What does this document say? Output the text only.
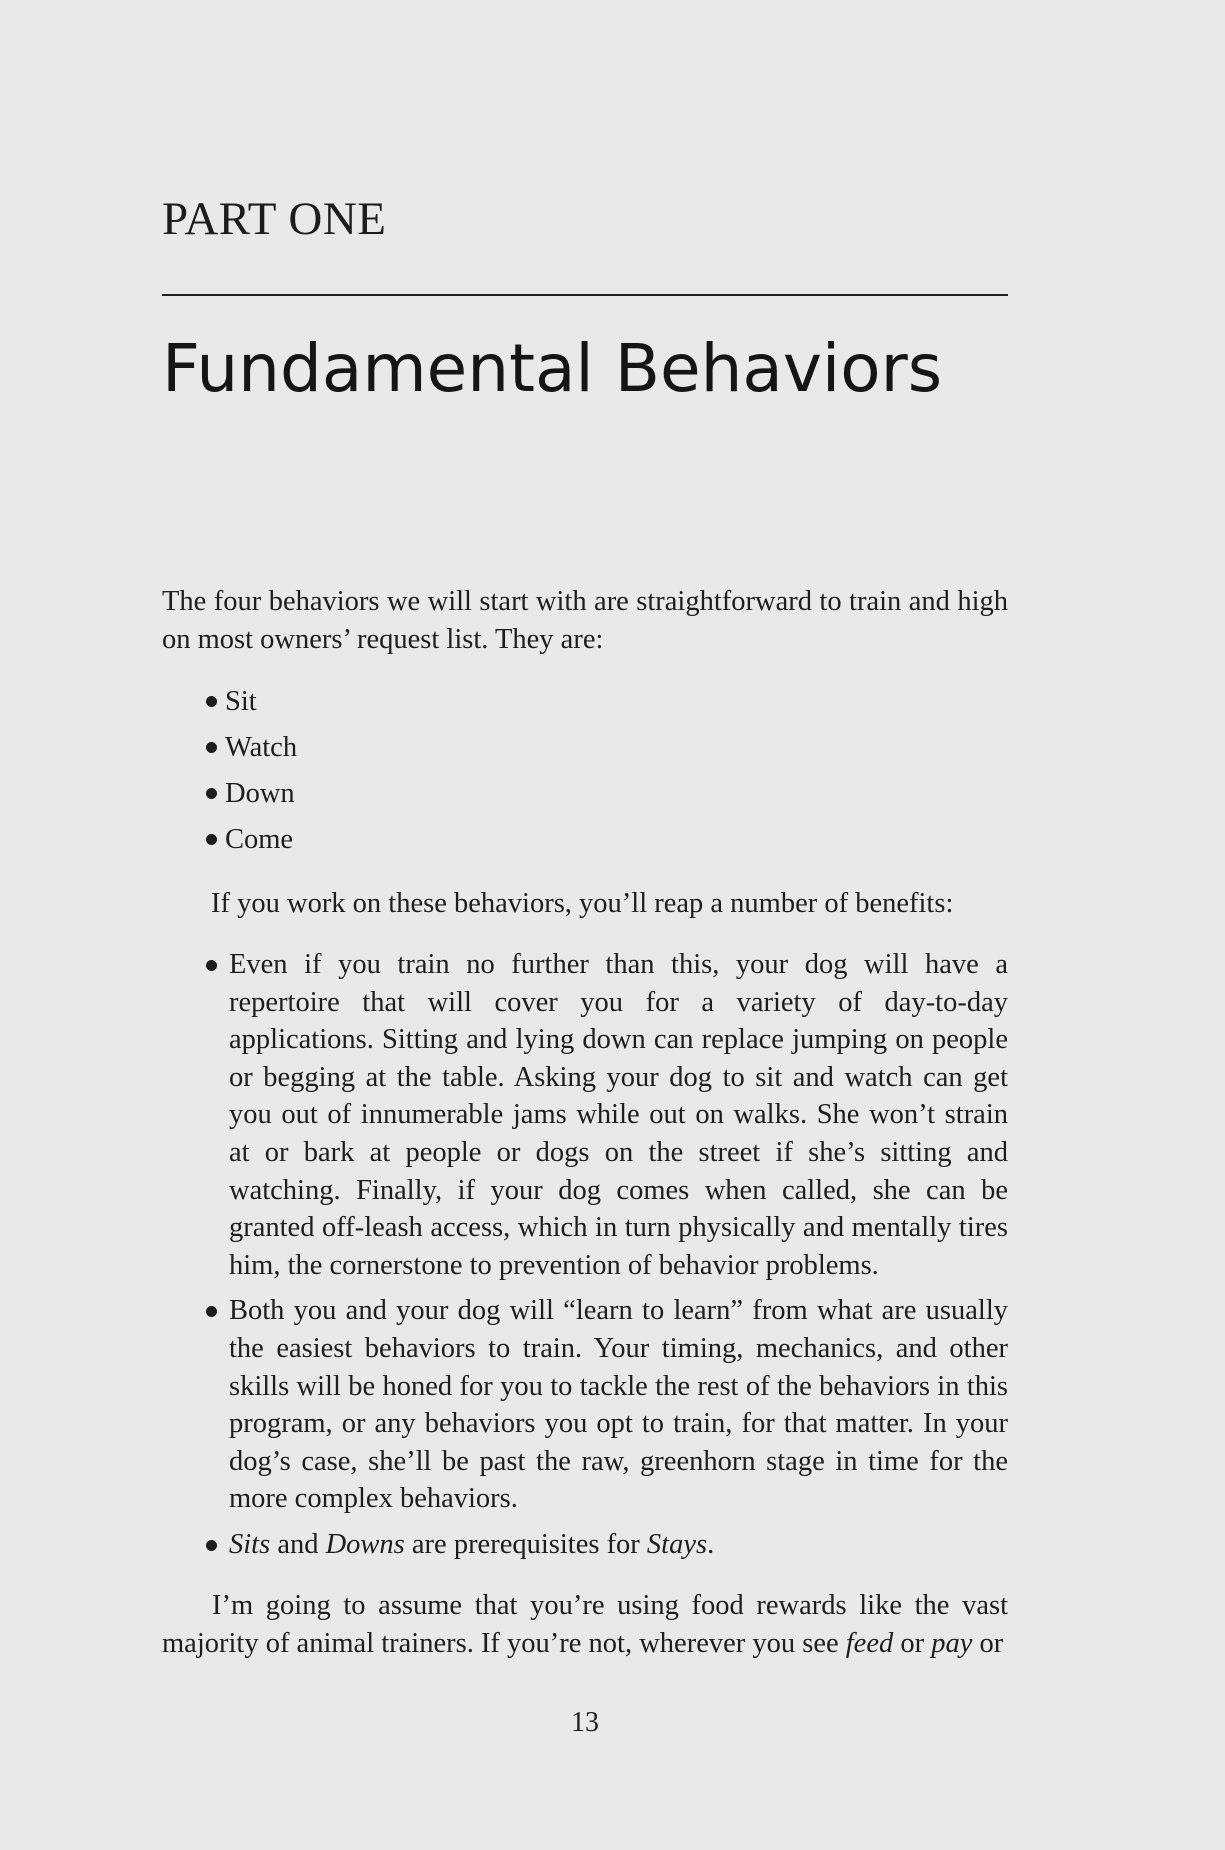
PART ONE
Fundamental Behaviors

The four behaviors we will start with are straightforward to train and high on most owners’ request list. They are:

Sit
Watch
Down
Come

If you work on these behaviors, you’ll reap a number of benefits:

Even if you train no further than this, your dog will have a repertoire that will cover you for a variety of day-to-day applications. Sitting and lying down can replace jumping on people or begging at the table. Asking your dog to sit and watch can get you out of innumerable jams while out on walks. She won’t strain at or bark at people or dogs on the street if she’s sitting and watching. Finally, if your dog comes when called, she can be granted off-leash access, which in turn physically and mentally tires him, the cornerstone to prevention of behavior problems.
Both you and your dog will “learn to learn” from what are usually the easiest behaviors to train. Your timing, mechanics, and other skills will be honed for you to tackle the rest of the behaviors in this program, or any behaviors you opt to train, for that matter. In your dog’s case, she’ll be past the raw, greenhorn stage in time for the more complex behaviors.
Sits and Downs are prerequisites for Stays.

I’m going to assume that you’re using food rewards like the vast majority of animal trainers. If you’re not, wherever you see feed or pay or

13
